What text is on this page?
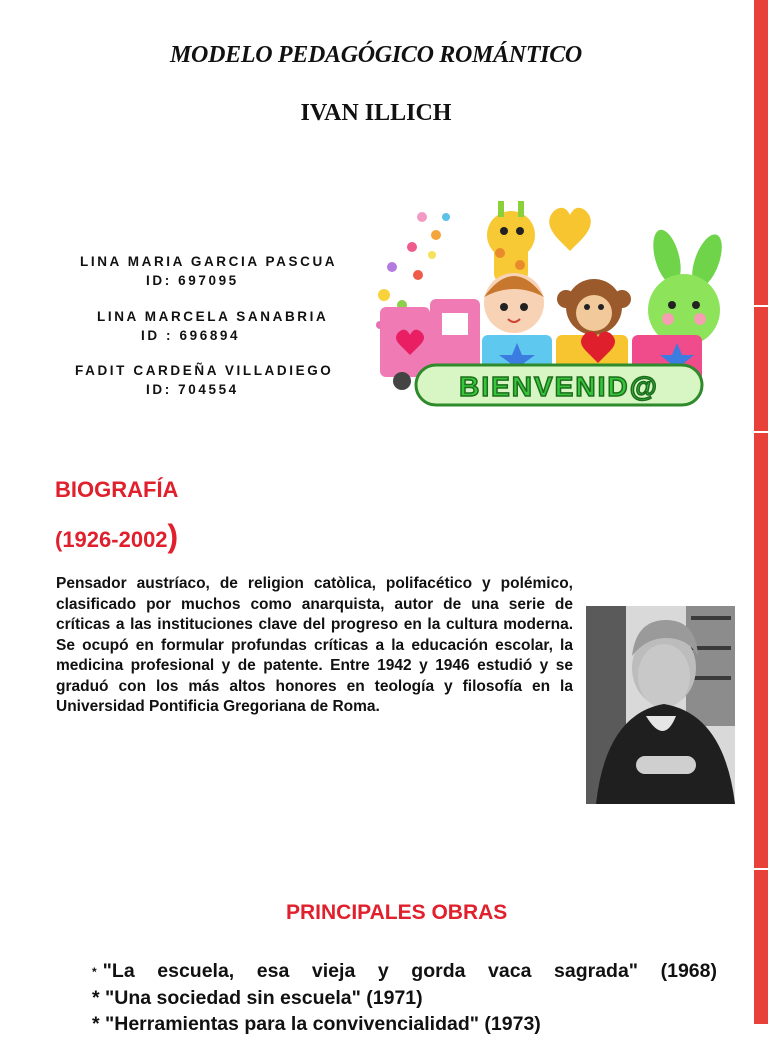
MODELO PEDAGÓGICO ROMÁNTICO
IVAN ILLICH
LINA MARIA GARCIA PASCUA
ID: 697095
LINA MARCELA SANABRIA
ID : 696894
FADIT CARDEÑA VILLADIEGO
ID: 704554	BIENVENID@
BIOGRAFÍA
(1926-2002)
Pensador austríaco, de religion catòlica, polifacético y polémico, clasificado por muchos como anarquista, autor de una serie de críticas a las instituciones clave del progreso en la cultura moderna. Se ocupó en formular profundas críticas a la educación escolar, la medicina profesional y de patente. Entre 1942 y 1946 estudió y se graduó con los más altos honores en teología y filosofía en la Universidad Pontificia Gregoriana de Roma.
PRINCIPALES OBRAS
* "La escuela, esa vieja y gorda vaca sagrada" (1968)
* "Una sociedad sin escuela" (1971)
* "Herramientas para la convivencialidad" (1973)
